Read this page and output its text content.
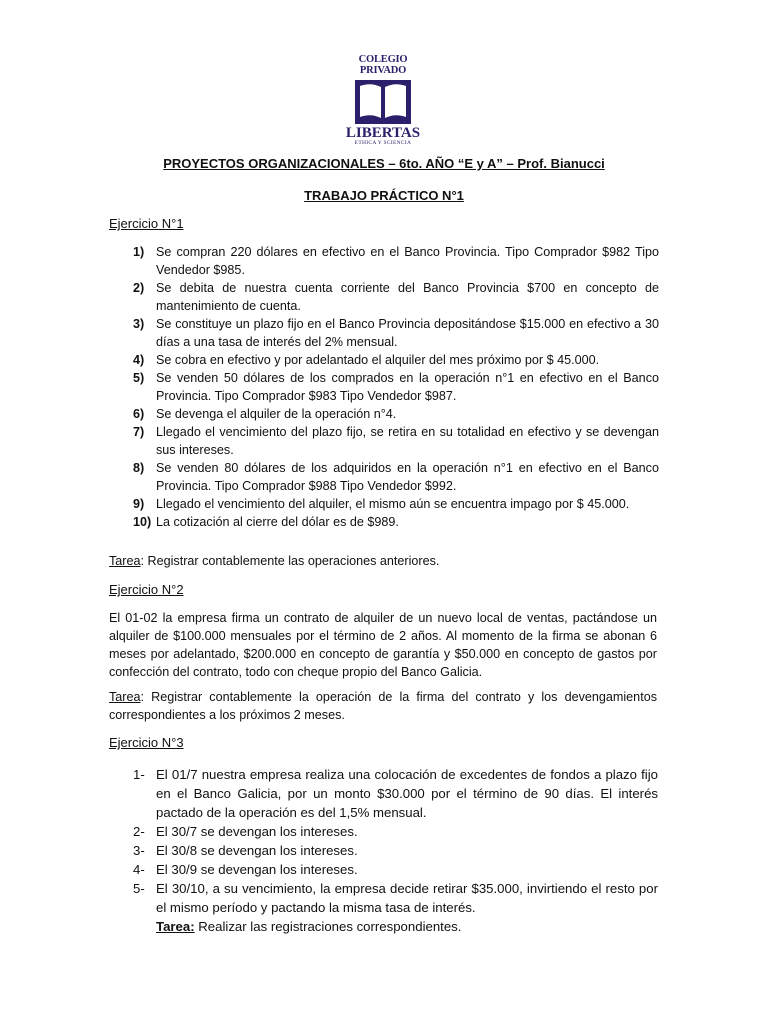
COLEGIO PRIVADO
LIBERTAS
ETHICA Y SCIENCIA
PROYECTOS ORGANIZACIONALES – 6to. AÑO “E y A” – Prof. Bianucci
TRABAJO PRÁCTICO N°1
Ejercicio N°1
1) Se compran 220 dólares en efectivo en el Banco Provincia. Tipo Comprador $982 Tipo Vendedor $985.
2) Se debita de nuestra cuenta corriente del Banco Provincia $700 en concepto de mantenimiento de cuenta.
3) Se constituye un plazo fijo en el Banco Provincia depositándose $15.000 en efectivo a 30 días a una tasa de interés del 2% mensual.
4) Se cobra en efectivo y por adelantado el alquiler del mes próximo por $ 45.000.
5) Se venden 50 dólares de los comprados en la operación n°1 en efectivo en el Banco Provincia. Tipo Comprador $983 Tipo Vendedor $987.
6) Se devenga el alquiler de la operación n°4.
7) Llegado el vencimiento del plazo fijo, se retira en su totalidad en efectivo y se devengan sus intereses.
8) Se venden 80 dólares de los adquiridos en la operación n°1 en efectivo en el Banco Provincia. Tipo Comprador $988 Tipo Vendedor $992.
9) Llegado el vencimiento del alquiler, el mismo aún se encuentra impago por $ 45.000.
10) La cotización al cierre del dólar es de $989.
Tarea: Registrar contablemente las operaciones anteriores.
Ejercicio N°2
El 01-02 la empresa firma un contrato de alquiler de un nuevo local de ventas, pactándose un alquiler de $100.000 mensuales por el término de 2 años. Al momento de la firma se abonan 6 meses por adelantado, $200.000 en concepto de garantía y $50.000 en concepto de gastos por confección del contrato, todo con cheque propio del Banco Galicia.
Tarea: Registrar contablemente la operación de la firma del contrato y los devengamientos correspondientes a los próximos 2 meses.
Ejercicio N°3
1- El 01/7 nuestra empresa realiza una colocación de excedentes de fondos a plazo fijo en el Banco Galicia, por un monto $30.000 por el término de 90 días. El interés pactado de la operación es del 1,5% mensual.
2- El 30/7 se devengan los intereses.
3- El 30/8 se devengan los intereses.
4- El 30/9 se devengan los intereses.
5- El 30/10, a su vencimiento, la empresa decide retirar $35.000, invirtiendo el resto por el mismo período y pactando la misma tasa de interés.
Tarea: Realizar las registraciones correspondientes.
